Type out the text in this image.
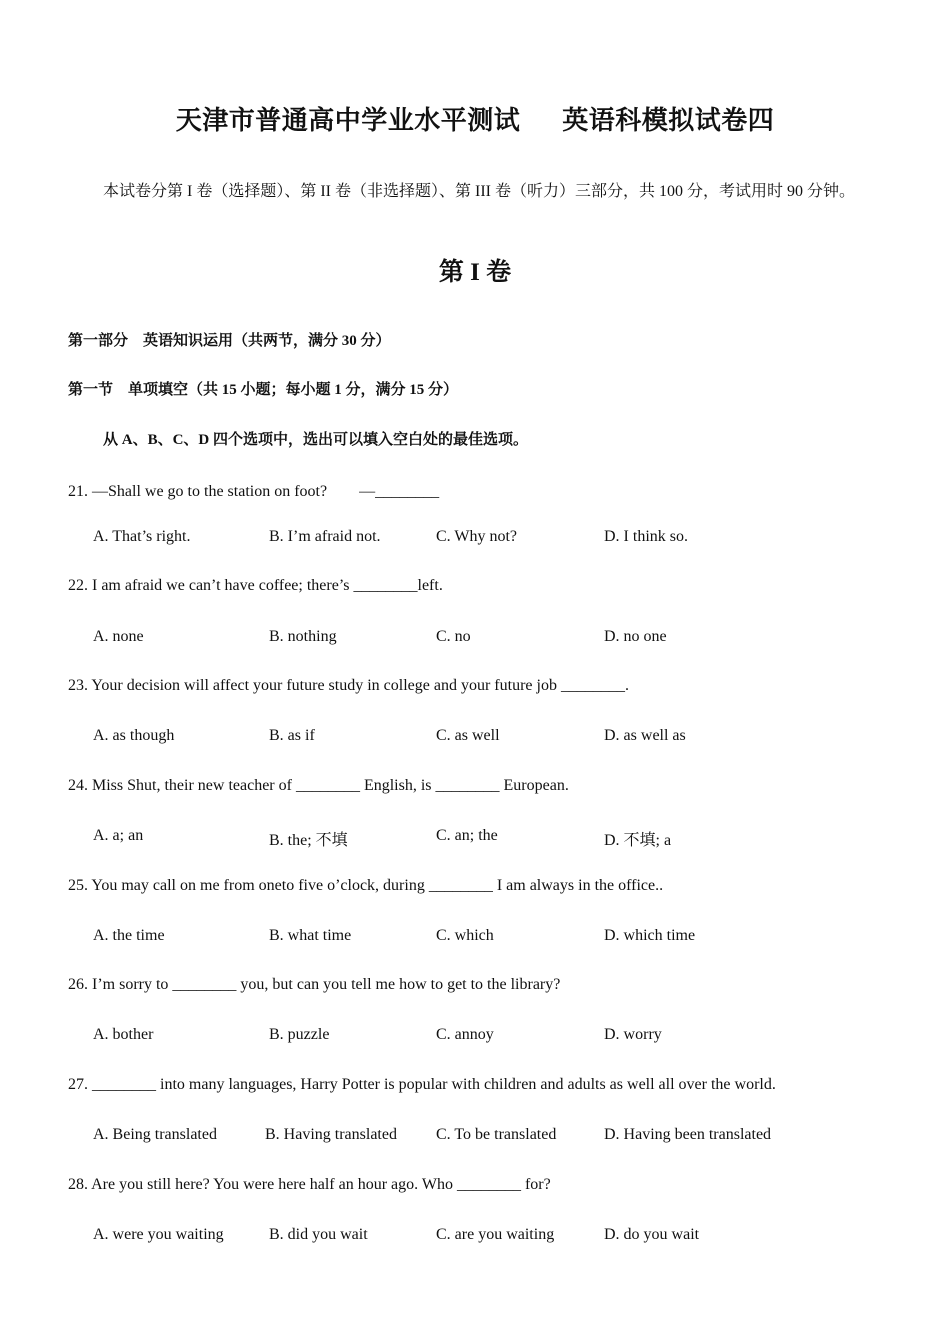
天津市普通高中学业水平测试 英语科模拟试卷四
本试卷分第 I 卷（选择题）、第 II 卷（非选择题）、第 III 卷（听力）三部分，共 100 分，考试用时 90 分钟。
第 I 卷
第一部分　英语知识运用（共两节，满分 30 分）
第一节　单项填空（共 15 小题；每小题 1 分，满分 15 分）
从 A、B、C、D 四个选项中，选出可以填入空白处的最佳选项。
21. —Shall we go to the station on foot?　　—________
A. That’s right.	B. I’m afraid not.	C. Why not?	D. I think so.
22. I am afraid we can’t have coffee; there’s ________left.
A. none	B. nothing	C. no	D. no one
23. Your decision will affect your future study in college and your future job ________.
A. as though	B. as if	C. as well	D. as well as
24. Miss Shut, their new teacher of ________ English, is ________ European.
A. a; an	B. the; 不填	C. an; the	D. 不填; a
25. You may call on me from oneto five o’clock, during ________ I am always in the office..
A. the time	B. what time	C. which	D. which time
26. I’m sorry to ________ you, but can you tell me how to get to the library?
A. bother	B. puzzle	C. annoy	D. worry
27. ________ into many languages, Harry Potter is popular with children and adults as well all over the world.
A. Being translated	B. Having translated C. To be translated	D. Having been translated
28. Are you still here? You were here half an hour ago. Who ________ for?
A. were you waiting	B. did you wait	C. are you waiting	D. do you wait
